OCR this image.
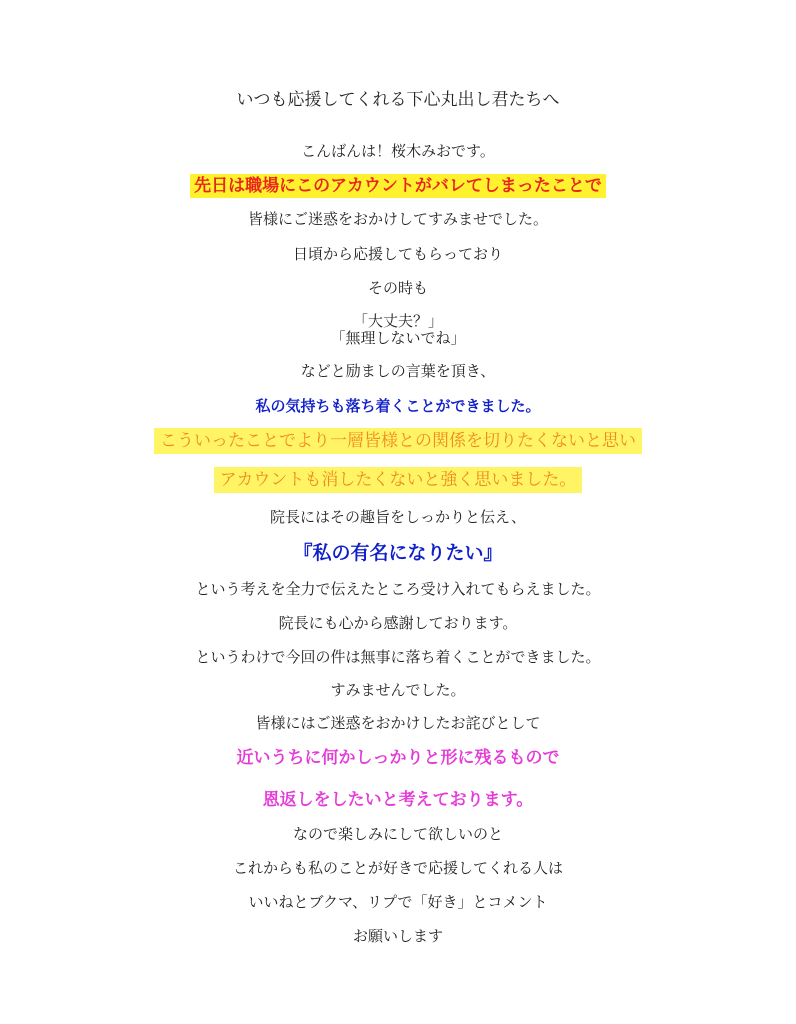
いつも応援してくれる下心丸出し君たちへ
こんばんは！桜木みおです。
先日は職場にこのアカウントがバレてしまったことで
皆様にご迷惑をおかけしてすみませでした。
日頃から応援してもらっており
その時も
「大丈夫？」
「無理しないでね」
などと励ましの言葉を頂き、
私の気持ちも落ち着くことができました。
こういったことでより一層皆様との関係を切りたくないと思い
アカウントも消したくないと強く思いました。
院長にはその趣旨をしっかりと伝え、
『私の有名になりたい』
という考えを全力で伝えたところ受け入れてもらえました。
院長にも心から感謝しております。
というわけで今回の件は無事に落ち着くことができました。
すみませんでした。
皆様にはご迷惑をおかけしたお詫びとして
近いうちに何かしっかりと形に残るもので
恩返しをしたいと考えております。
なので楽しみにして欲しいのと
これからも私のことが好きで応援してくれる人は
いいねとブクマ、リプで「好き」とコメント
お願いします
